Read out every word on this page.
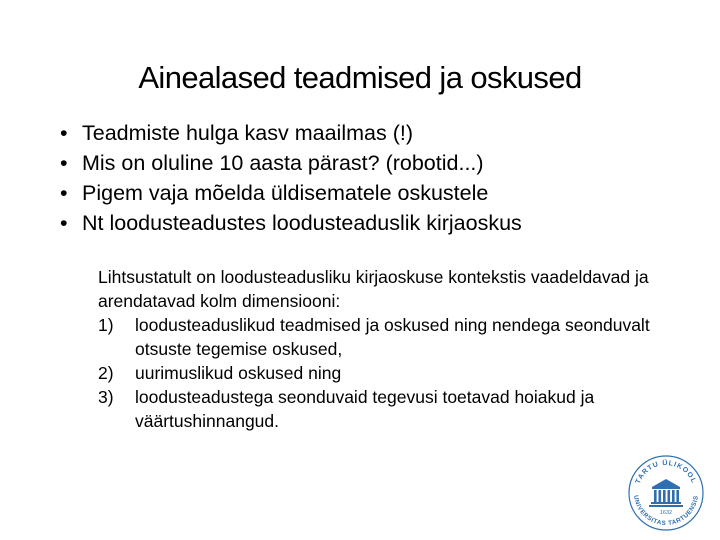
Ainealased teadmised ja oskused
• Teadmiste hulga kasv maailmas (!)
• Mis on oluline 10 aasta pärast? (robotid...)
• Pigem vaja mõelda üldisematele oskustele
• Nt loodusteadustes loodusteaduslik kirjaoskus

Lihtsustatult on loodusteadusliku kirjaoskuse kontekstis vaadeldavad ja arendatavad kolm dimensiooni:

1) loodusteaduslikud teadmised ja oskused ning nendega seonduvalt otsuste tegemise oskused,
2) uurimuslikud oskused ning
3) loodusteadustega seonduvaid tegevusi toetavad hoiakud ja väärtushinnangud.
TARTU ÜLIKOOL
UNIVERSITAS TARTUENSIS
1632
